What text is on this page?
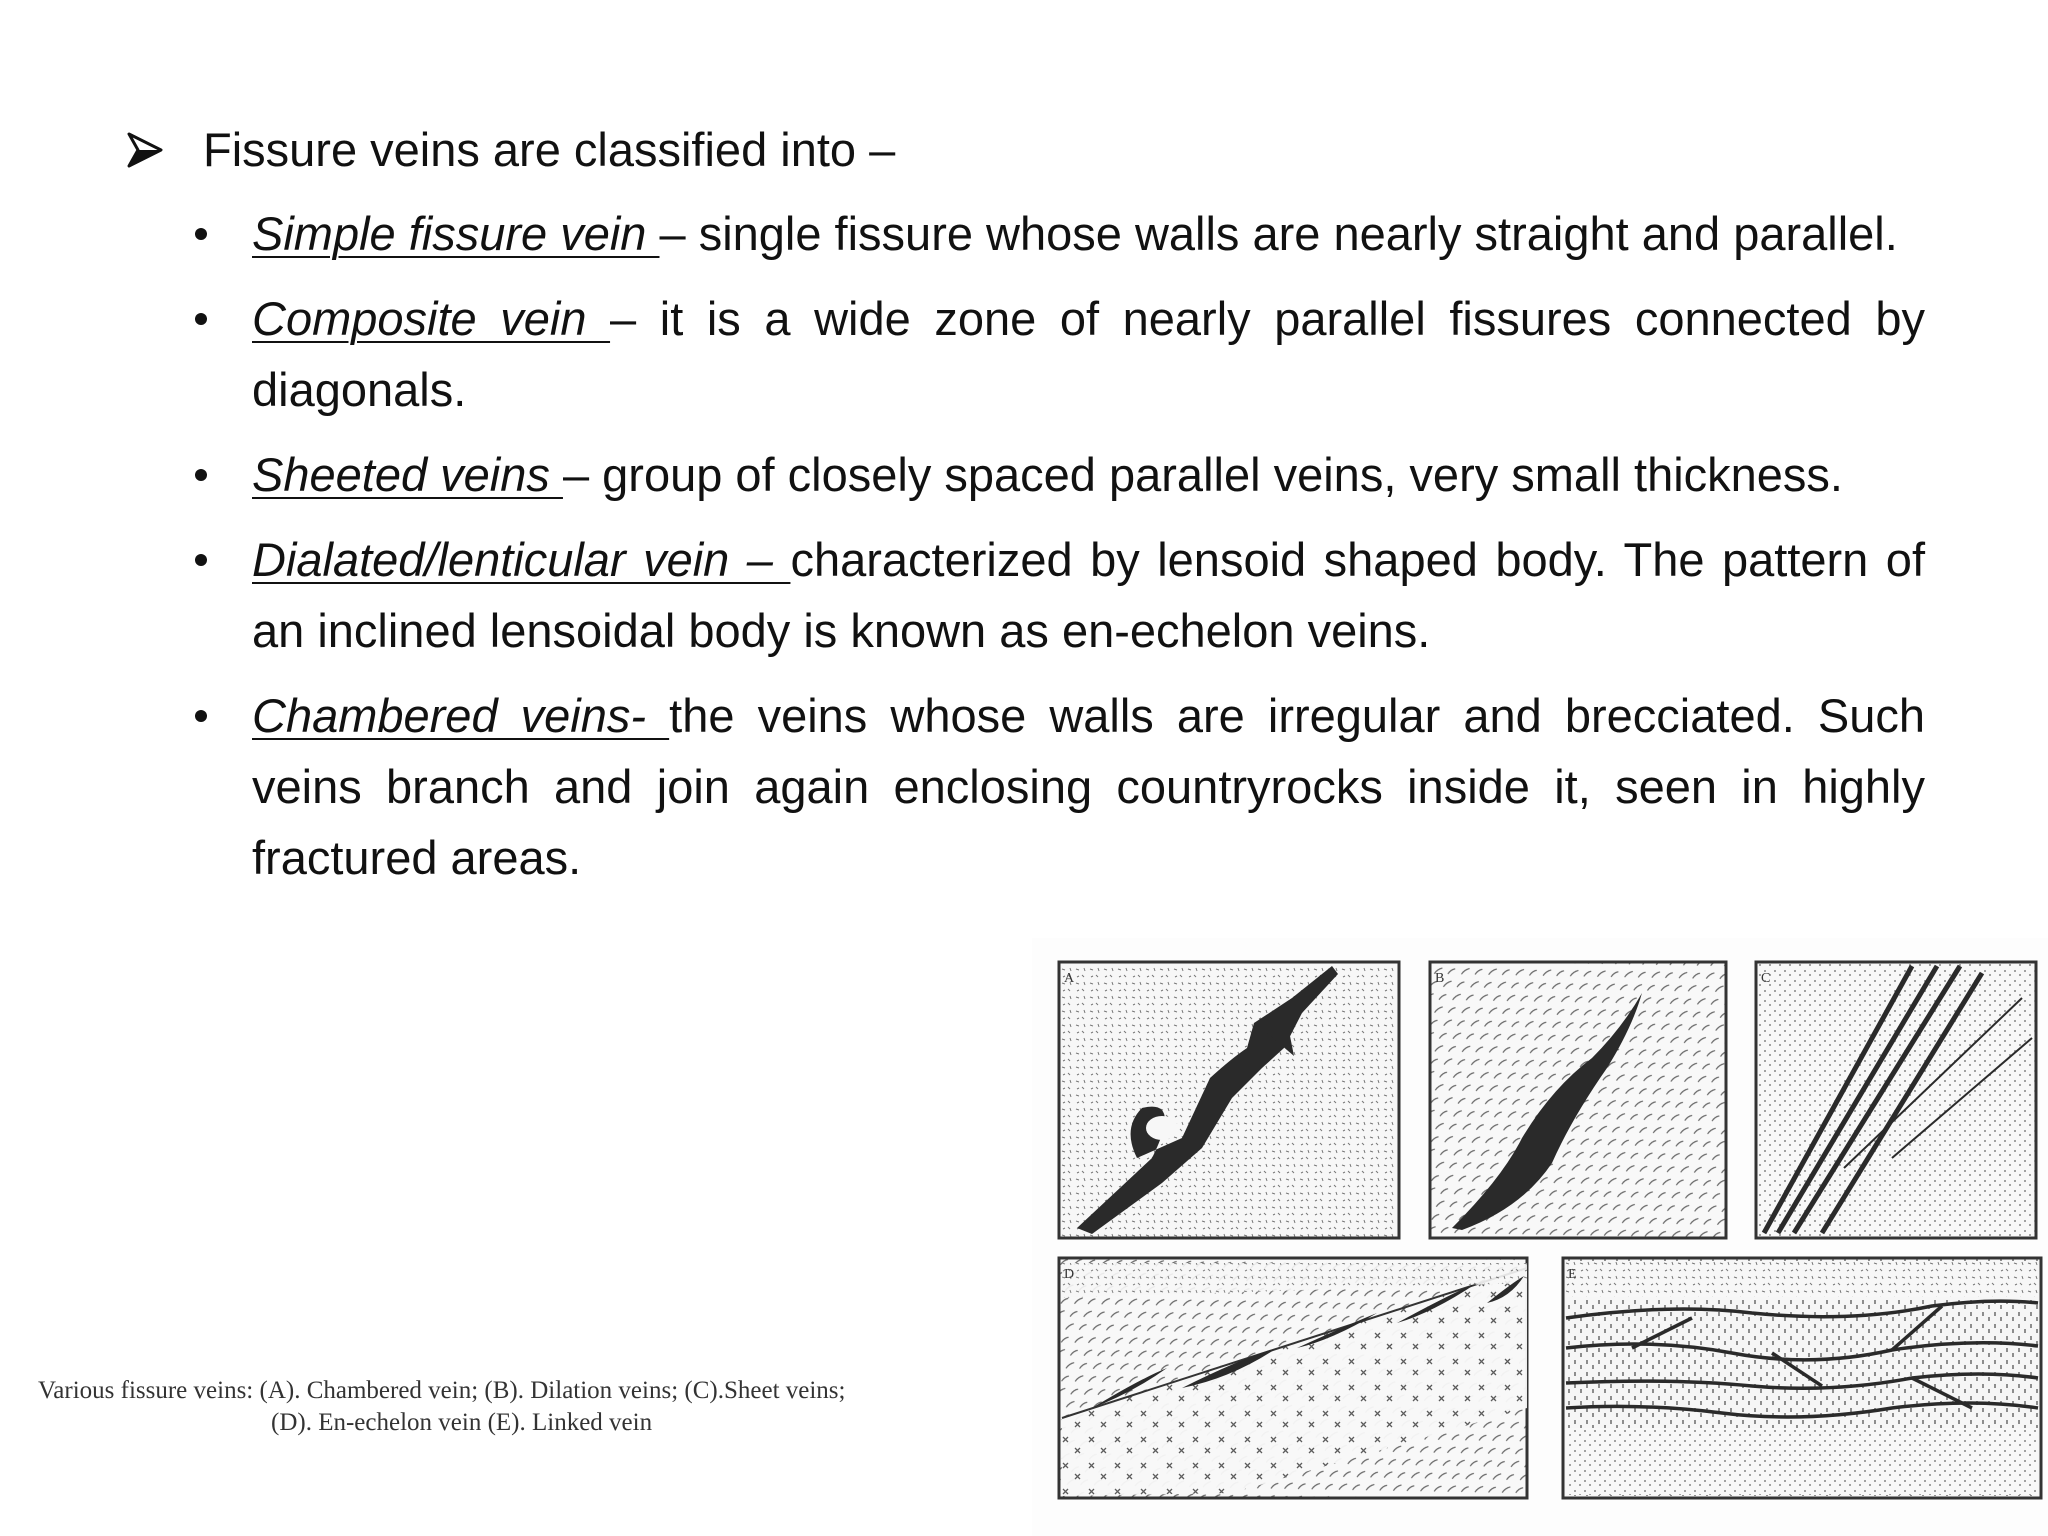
Fissure veins are classified into –

Simple fissure vein – single fissure whose walls are nearly straight and parallel.

Composite vein – it is a wide zone of nearly parallel fissures connected by diagonals.

Sheeted veins – group of closely spaced parallel veins, very small thickness.

Dialated/lenticular vein – characterized by lensoid shaped body. The pattern of an inclined lensoidal body is known as en-echelon veins.

Chambered veins- the veins whose walls are irregular and brecciated. Such veins branch and join again enclosing countryrocks inside it, seen in highly fractured areas.

A	B	C
D	E
Various fissure veins: (A). Chambered vein; (B). Dilation veins; (C).Sheet veins;
(D). En-echelon vein (E). Linked vein
